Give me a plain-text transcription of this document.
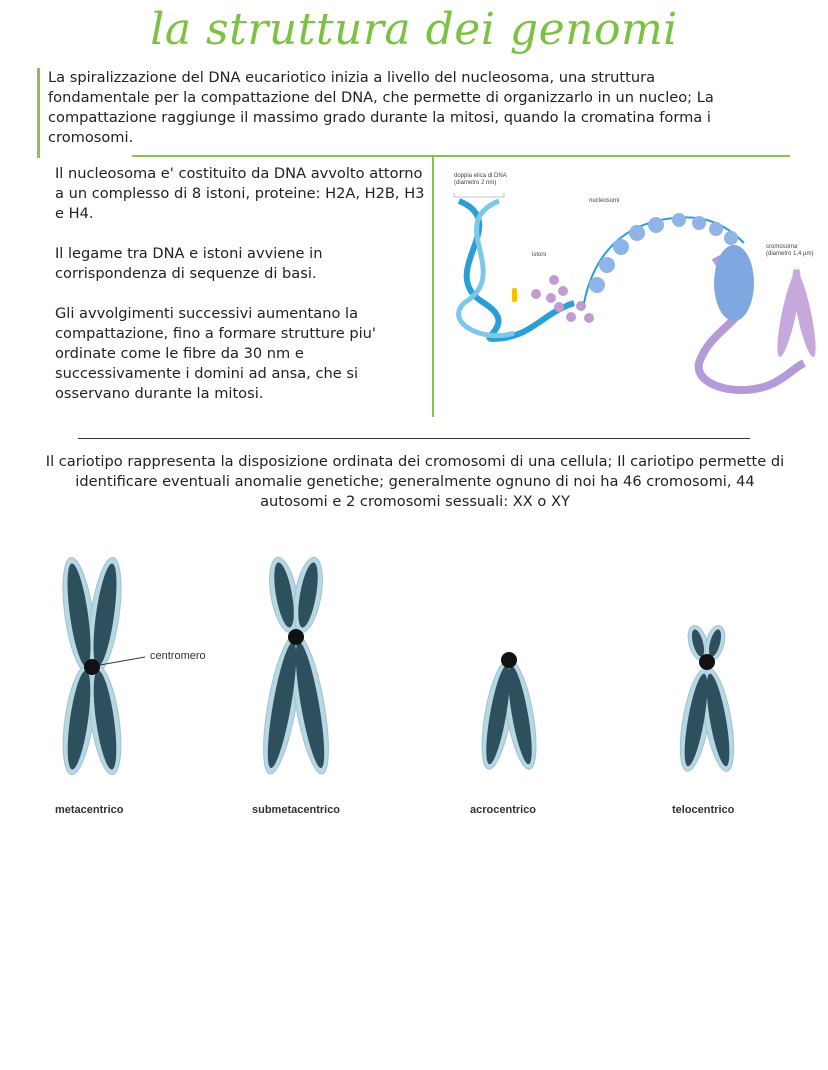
la struttura dei genomi
La spiralizzazione del DNA eucariotico inizia a livello del nucleosoma, una struttura fondamentale per la compattazione del DNA, che permette di organizzarlo in un nucleo; La compattazione raggiunge il massimo grado durante la mitosi, quando la cromatina forma i cromosomi.

Il nucleosoma e' costituito da DNA avvolto attorno a un complesso di 8 istoni, proteine: H2A, H2B, H3 e H4.

Il legame tra DNA e istoni avviene in corrispondenza di sequenze di basi.

Gli avvolgimenti successivi aumentano la compattazione, fino a formare strutture piu' ordinate come le fibre da 30 nm e successivamente i domini ad ansa, che si osservano durante la mitosi.

doppia elica di DNA
(diametro 2 nm)
istoni
nucleosomi
cromosoma
(diametro 1,4 µm)
Il cariotipo rappresenta la disposizione ordinata dei cromosomi di una cellula; Il cariotipo permette di identificare eventuali anomalie genetiche; generalmente ognuno di noi ha 46 cromosomi, 44 autosomi e 2 cromosomi sessuali: XX o XY
centromero
metacentrico	submetacentrico	acrocentrico	telocentrico
